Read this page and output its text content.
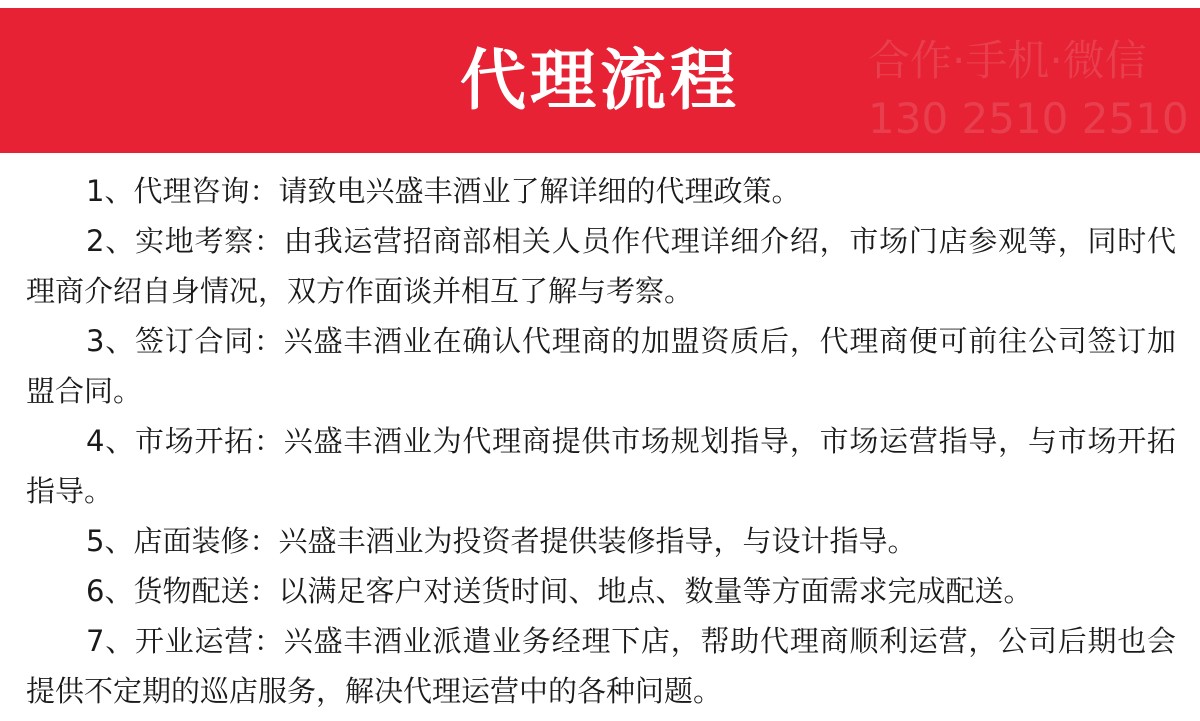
代理流程	合作·手机·微信
130 2510 2510

1、代理咨询：请致电兴盛丰酒业了解详细的代理政策。

2、实地考察：由我运营招商部相关人员作代理详细介绍，市场门店参观等，同时代理商介绍自身情况，双方作面谈并相互了解与考察。

3、签订合同：兴盛丰酒业在确认代理商的加盟资质后，代理商便可前往公司签订加盟合同。

4、市场开拓：兴盛丰酒业为代理商提供市场规划指导，市场运营指导，与市场开拓指导。

5、店面装修：兴盛丰酒业为投资者提供装修指导，与设计指导。

6、货物配送：以满足客户对送货时间、地点、数量等方面需求完成配送。

7、开业运营：兴盛丰酒业派遣业务经理下店，帮助代理商顺利运营，公司后期也会提供不定期的巡店服务，解决代理运营中的各种问题。
